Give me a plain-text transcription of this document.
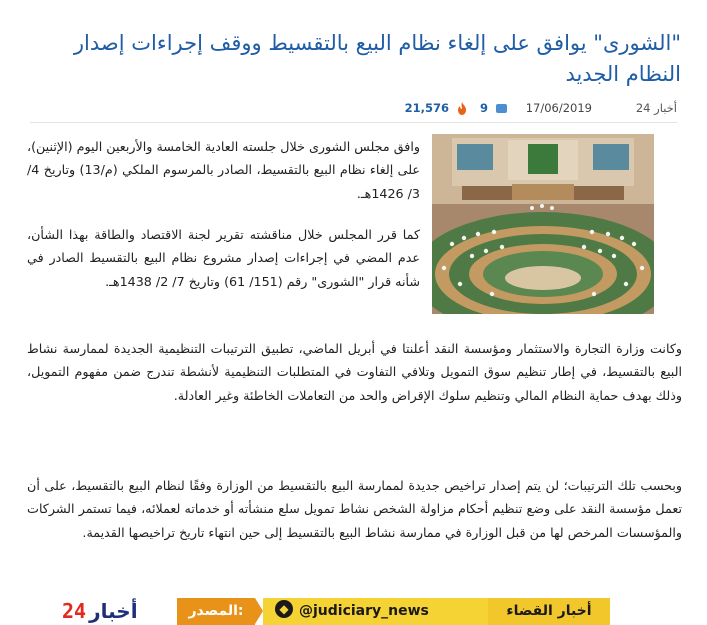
"الشورى" يوافق على إلغاء نظام البيع بالتقسيط ووقف إجراءات إصدار النظام الجديد
أخبار 24
17/06/2019
9
21,576

وافق مجلس الشورى خلال جلسته العادية الخامسة والأربعين اليوم (الإثنين)، على إلغاء نظام البيع بالتقسيط، الصادر بالمرسوم الملكي (م/13) وتاريخ 4/ 3/ 1426هـ.

كما قرر المجلس خلال مناقشته تقرير لجنة الاقتصاد والطاقة بهذا الشأن، عدم المضي في إجراءات إصدار مشروع نظام البيع بالتقسيط الصادر في شأنه قرار "الشورى" رقم (151/ 61) وتاريخ 7/ 2/ 1438هـ.

وكانت وزارة التجارة والاستثمار ومؤسسة النقد أعلنتا في أبريل الماضي، تطبيق الترتيبات التنظيمية الجديدة لممارسة نشاط البيع بالتقسيط، في إطار تنظيم سوق التمويل وتلافي التفاوت في المتطلبات التنظيمية لأنشطة تندرج ضمن مفهوم التمويل، وذلك بهدف حماية النظام المالي وتنظيم سلوك الإقراض والحد من التعاملات الخاطئة وغير العادلة.

وبحسب تلك الترتيبات؛ لن يتم إصدار تراخيص جديدة لممارسة البيع بالتقسيط من الوزارة وفقًا لنظام البيع بالتقسيط، على أن تعمل مؤسسة النقد على وضع تنظيم أحكام مزاولة الشخص نشاط تمويل سلع منشأته أو خدماته لعملائه، فيما تستمر الشركات والمؤسسات المرخص لها من قبل الوزارة في ممارسة نشاط البيع بالتقسيط إلى حين انتهاء تاريخ تراخيصها القديمة.

24 أخبار	المصدر:	◆ @judiciary_news	أخبار القضاء
